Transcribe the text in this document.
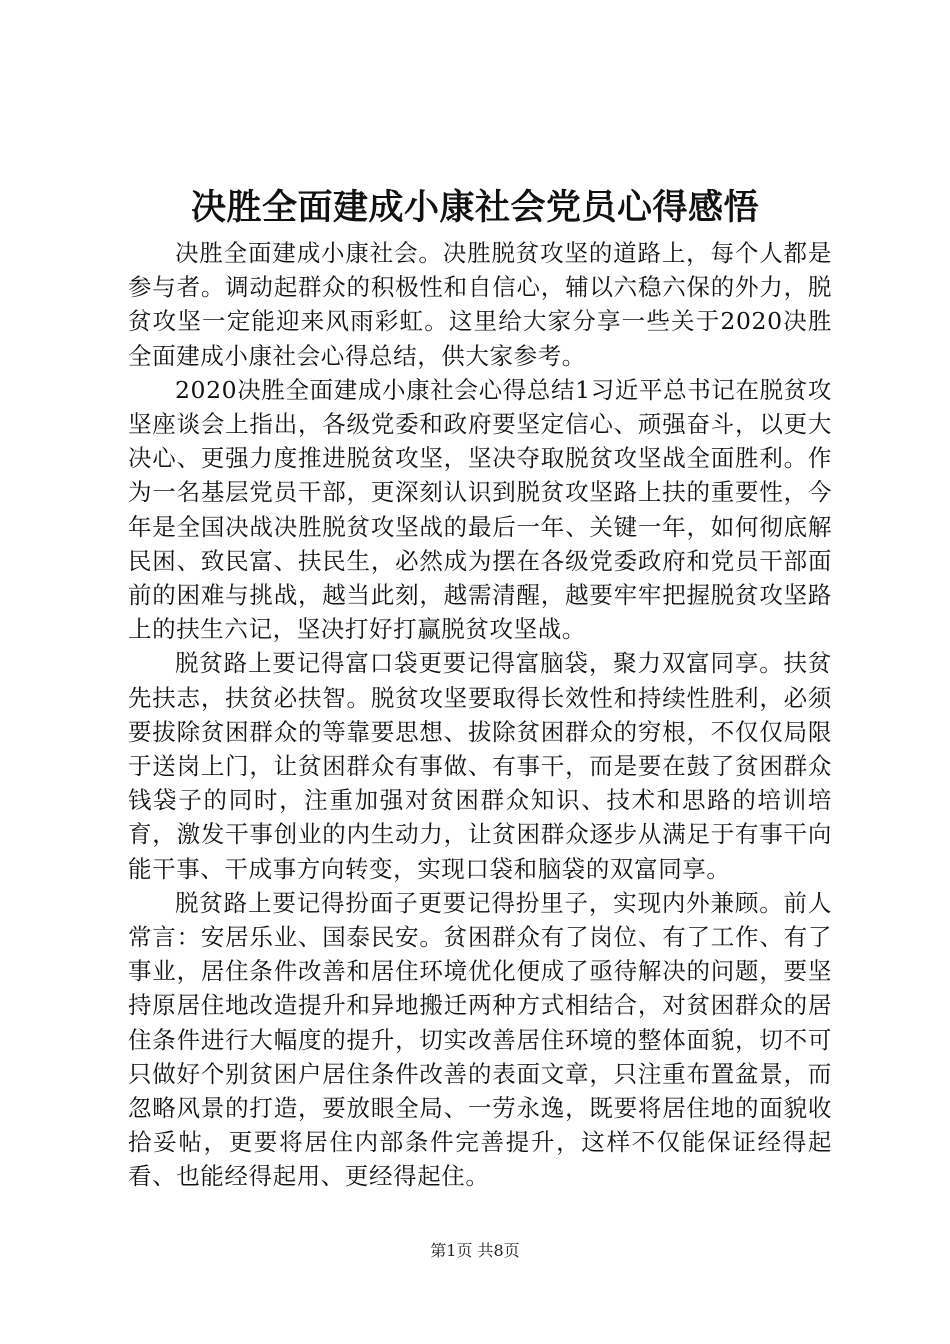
决胜全面建成小康社会党员心得感悟

决胜全面建成小康社会。决胜脱贫攻坚的道路上，每个人都是参与者。调动起群众的积极性和自信心，辅以六稳六保的外力，脱贫攻坚一定能迎来风雨彩虹。这里给大家分享一些关于2020决胜全面建成小康社会心得总结，供大家参考。

2020决胜全面建成小康社会心得总结1习近平总书记在脱贫攻坚座谈会上指出，各级党委和政府要坚定信心、顽强奋斗，以更大决心、更强力度推进脱贫攻坚，坚决夺取脱贫攻坚战全面胜利。作为一名基层党员干部，更深刻认识到脱贫攻坚路上扶的重要性，今年是全国决战决胜脱贫攻坚战的最后一年、关键一年，如何彻底解民困、致民富、扶民生，必然成为摆在各级党委政府和党员干部面前的困难与挑战，越当此刻，越需清醒，越要牢牢把握脱贫攻坚路上的扶生六记，坚决打好打赢脱贫攻坚战。

脱贫路上要记得富口袋更要记得富脑袋，聚力双富同享。扶贫先扶志，扶贫必扶智。脱贫攻坚要取得长效性和持续性胜利，必须要拔除贫困群众的等靠要思想、拔除贫困群众的穷根，不仅仅局限于送岗上门，让贫困群众有事做、有事干，而是要在鼓了贫困群众钱袋子的同时，注重加强对贫困群众知识、技术和思路的培训培育，激发干事创业的内生动力，让贫困群众逐步从满足于有事干向能干事、干成事方向转变，实现口袋和脑袋的双富同享。

脱贫路上要记得扮面子更要记得扮里子，实现内外兼顾。前人常言：安居乐业、国泰民安。贫困群众有了岗位、有了工作、有了事业，居住条件改善和居住环境优化便成了亟待解决的问题，要坚持原居住地改造提升和异地搬迁两种方式相结合，对贫困群众的居住条件进行大幅度的提升，切实改善居住环境的整体面貌，切不可只做好个别贫困户居住条件改善的表面文章，只注重布置盆景，而忽略风景的打造，要放眼全局、一劳永逸，既要将居住地的面貌收拾妥帖，更要将居住内部条件完善提升，这样不仅能保证经得起看、也能经得起用、更经得起住。

第1页 共8页
